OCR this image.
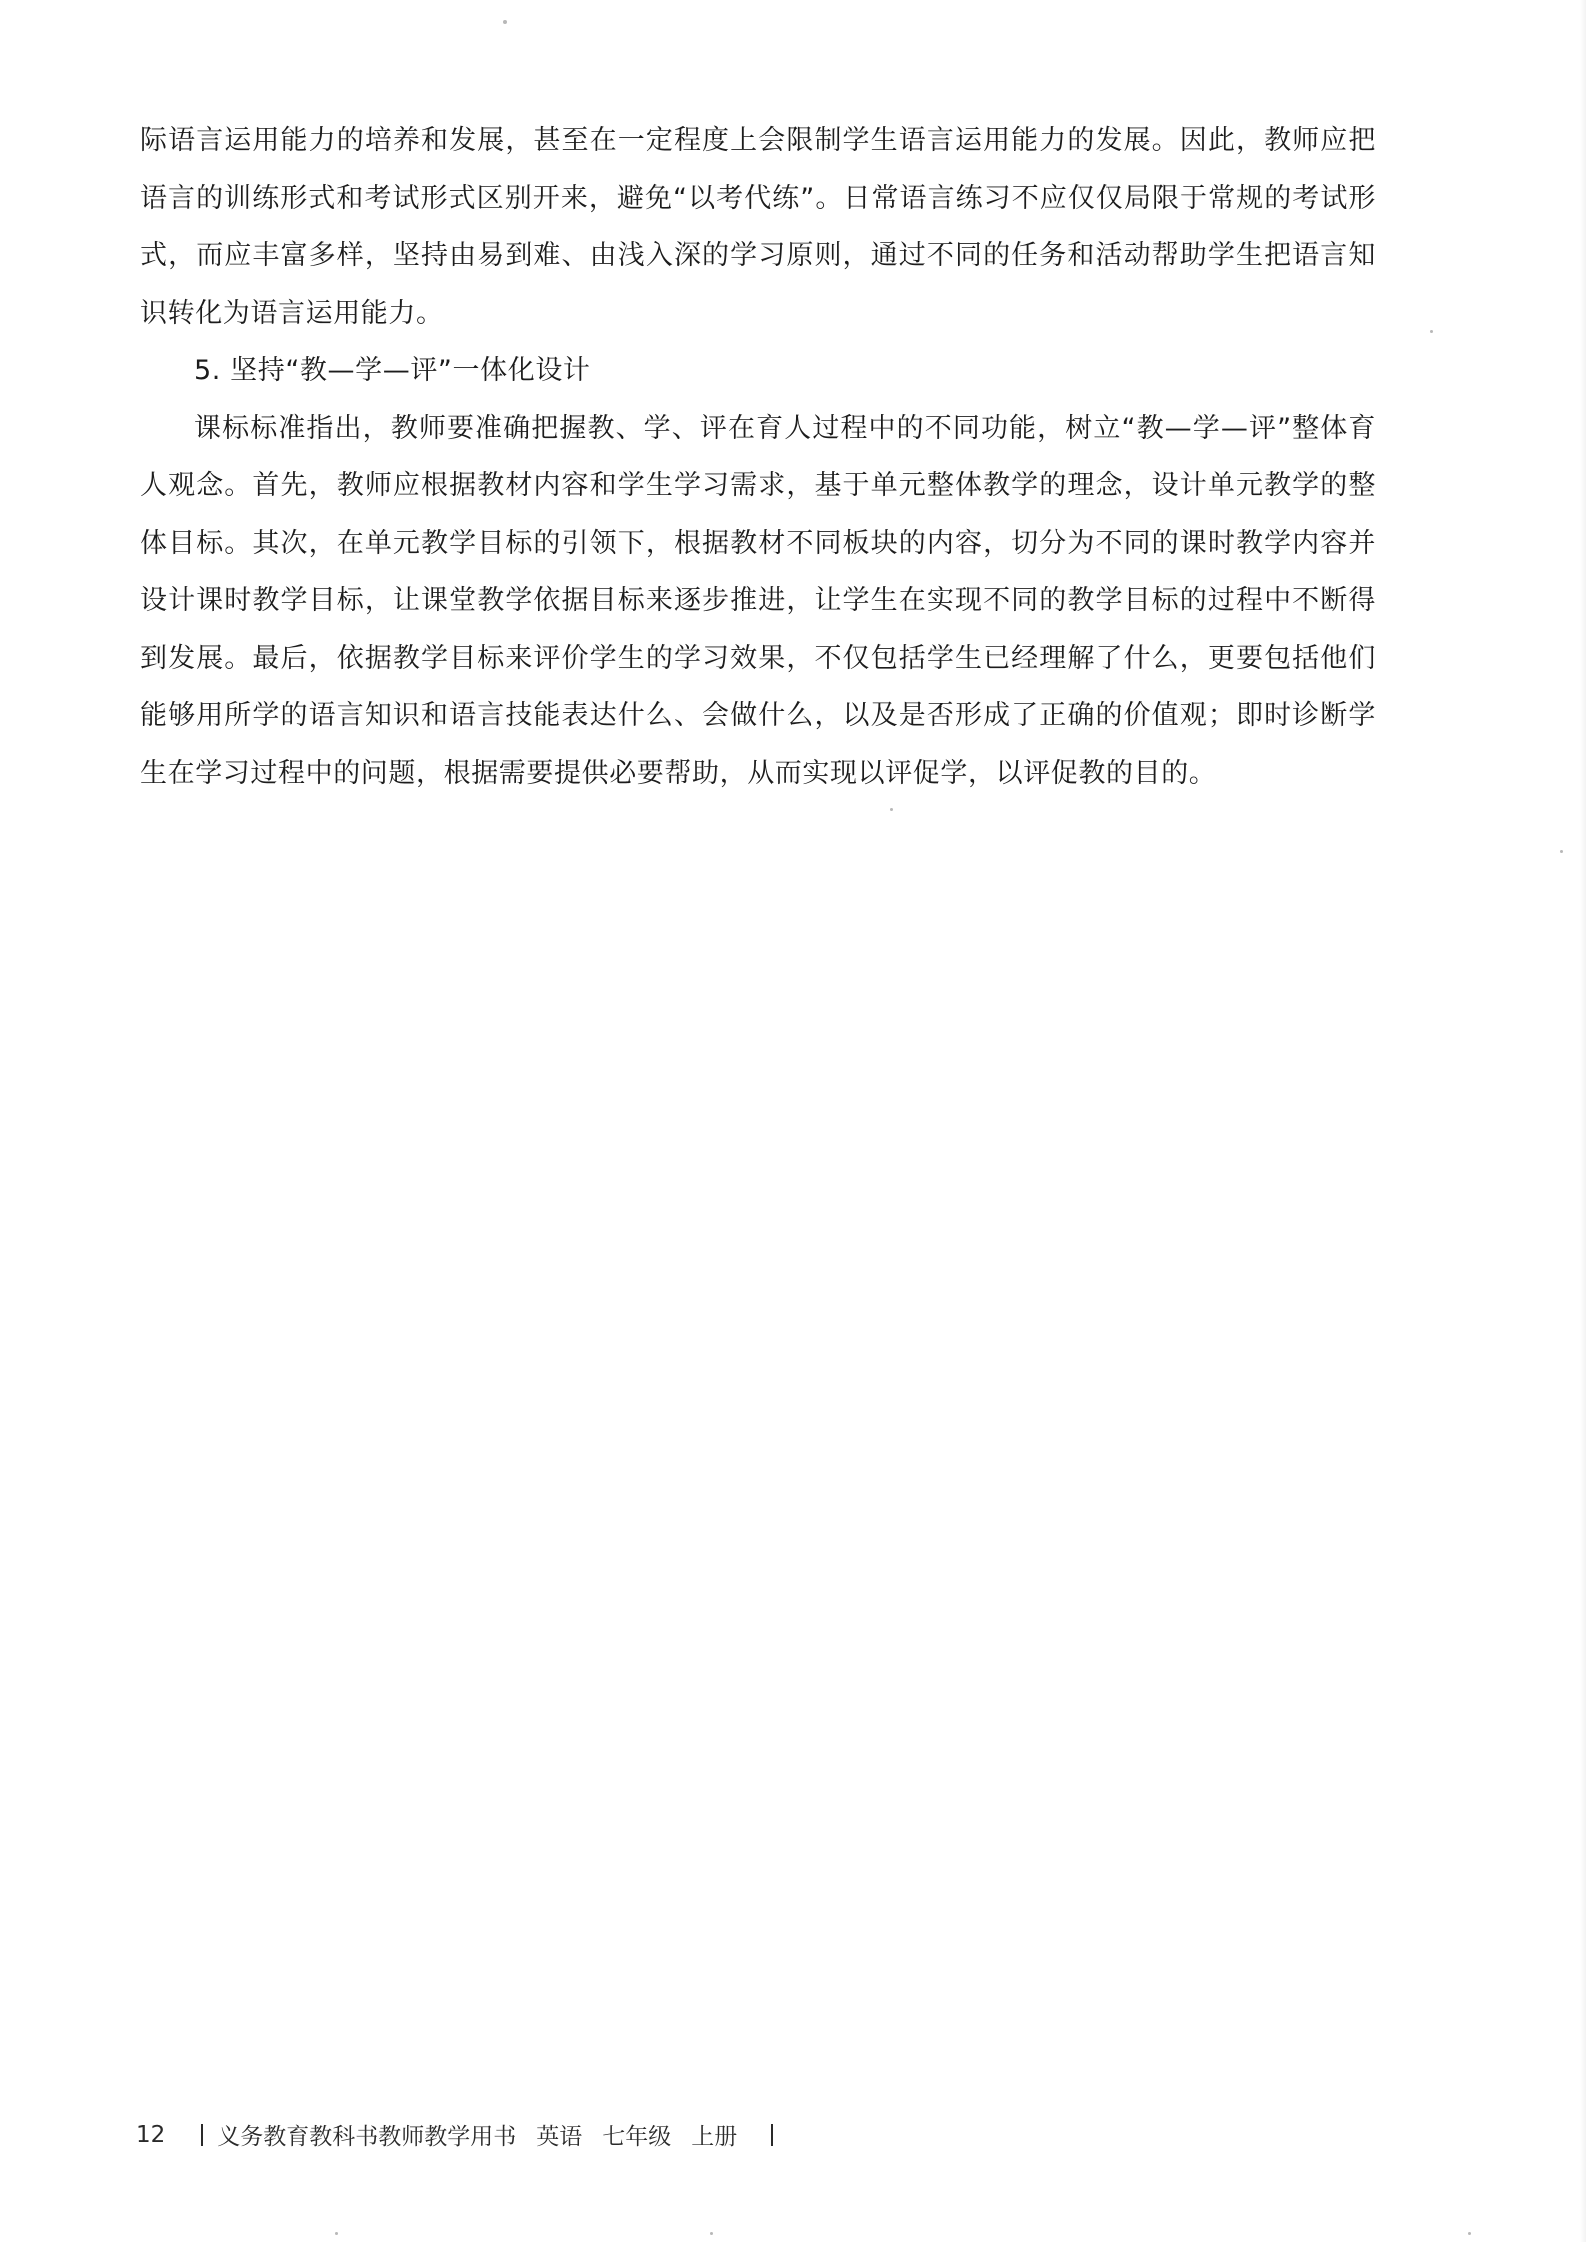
际语言运用能力的培养和发展，甚至在一定程度上会限制学生语言运用能力的发展。因此，教师应把语言的训练形式和考试形式区别开来，避免“以考代练”。日常语言练习不应仅仅局限于常规的考试形式，而应丰富多样，坚持由易到难、由浅入深的学习原则，通过不同的任务和活动帮助学生把语言知识转化为语言运用能力。

5. 坚持“教—学—评”一体化设计

课标标准指出，教师要准确把握教、学、评在育人过程中的不同功能，树立“教—学—评”整体育人观念。首先，教师应根据教材内容和学生学习需求，基于单元整体教学的理念，设计单元教学的整体目标。其次，在单元教学目标的引领下，根据教材不同板块的内容，切分为不同的课时教学内容并设计课时教学目标，让课堂教学依据目标来逐步推进，让学生在实现不同的教学目标的过程中不断得到发展。最后，依据教学目标来评价学生的学习效果，不仅包括学生已经理解了什么，更要包括他们能够用所学的语言知识和语言技能表达什么、会做什么，以及是否形成了正确的价值观；即时诊断学生在学习过程中的问题，根据需要提供必要帮助，从而实现以评促学，以评促教的目的。

12 义务教育教科书教师教学用书 英语 七年级 上册
